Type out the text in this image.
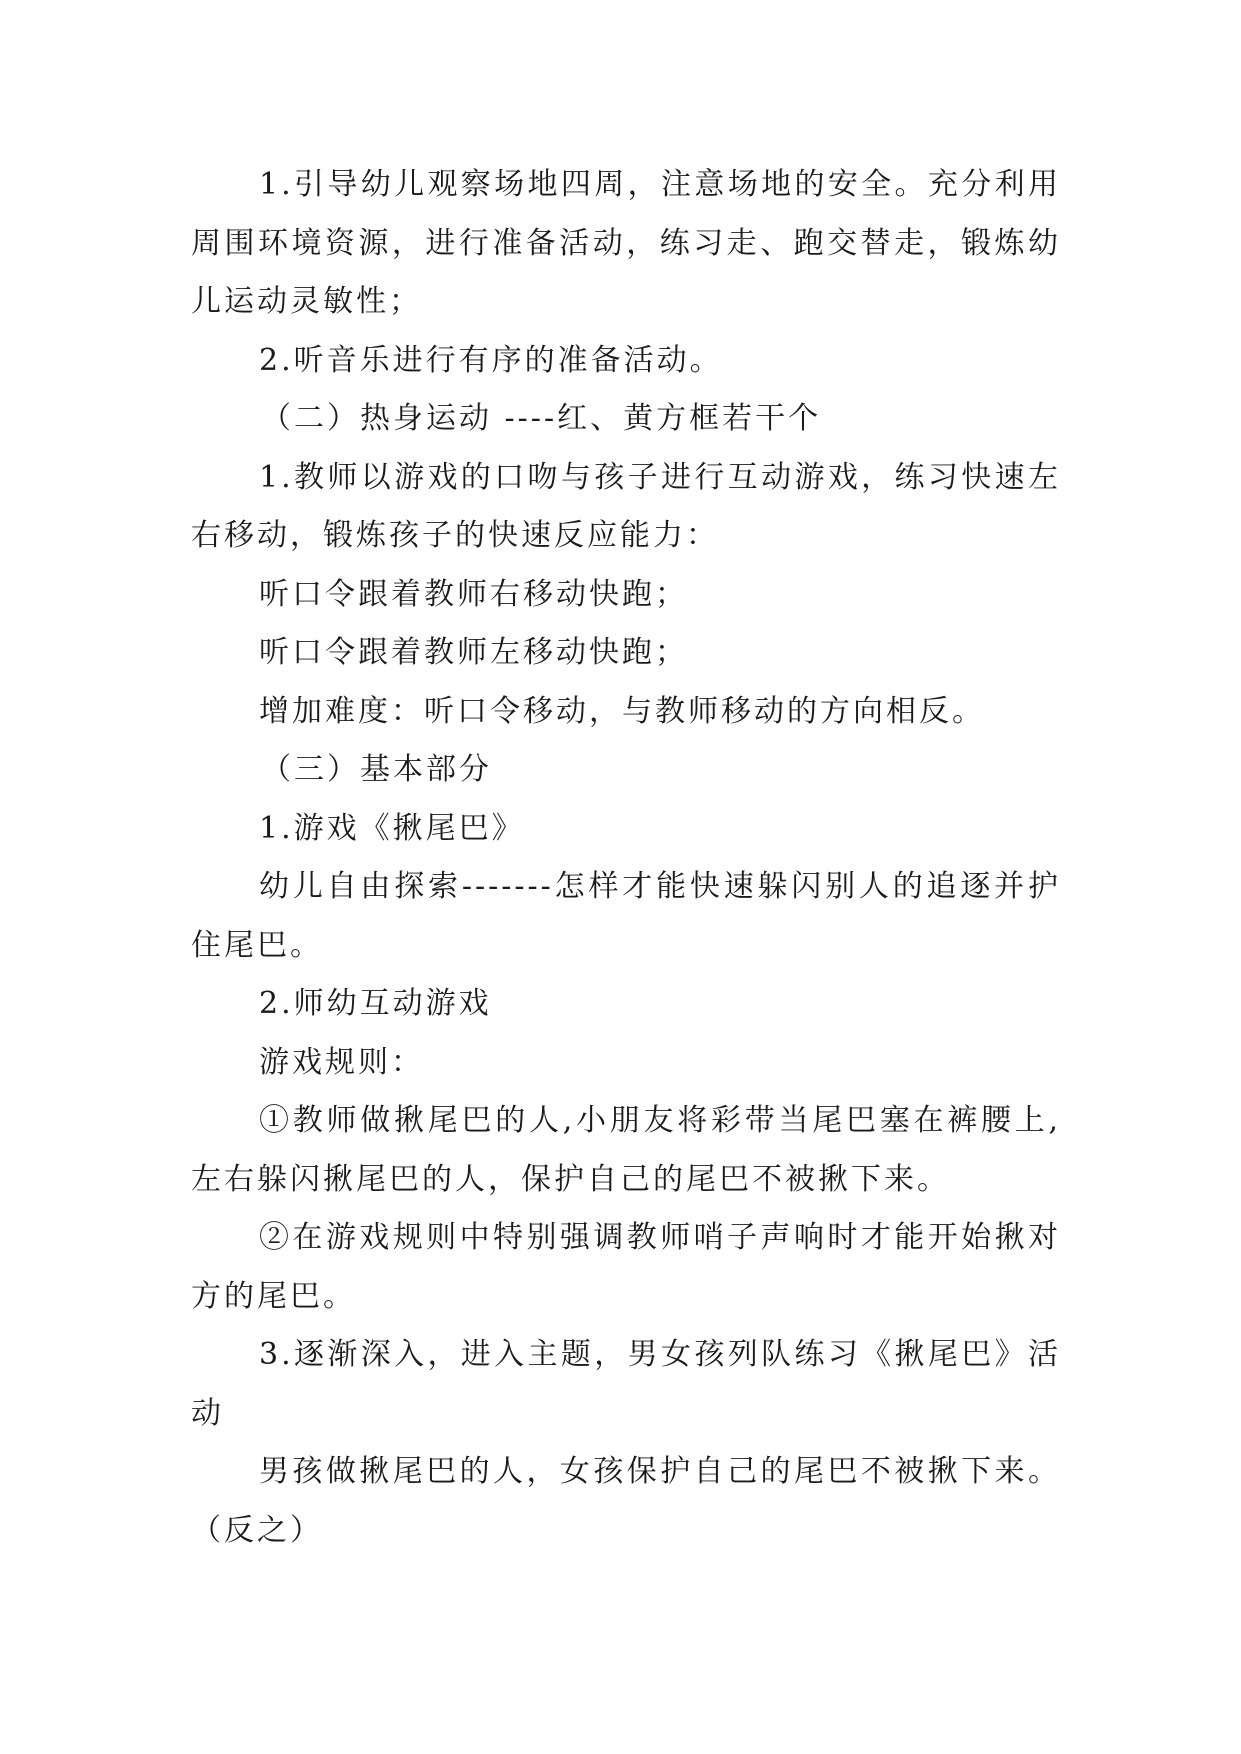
1.引导幼儿观察场地四周，注意场地的安全。充分利用周围环境资源，进行准备活动，练习走、跑交替走，锻炼幼儿运动灵敏性；

2.听音乐进行有序的准备活动。

（二）热身运动 ----红、黄方框若干个

1.教师以游戏的口吻与孩子进行互动游戏，练习快速左右移动，锻炼孩子的快速反应能力：

听口令跟着教师右移动快跑；

听口令跟着教师左移动快跑；

增加难度：听口令移动，与教师移动的方向相反。

（三）基本部分

1.游戏《揪尾巴》

幼儿自由探索-------怎样才能快速躲闪别人的追逐并护住尾巴。

2.师幼互动游戏

游戏规则：

①教师做揪尾巴的人,小朋友将彩带当尾巴塞在裤腰上,左右躲闪揪尾巴的人，保护自己的尾巴不被揪下来。

②在游戏规则中特别强调教师哨子声响时才能开始揪对方的尾巴。

3.逐渐深入，进入主题，男女孩列队练习《揪尾巴》活动

男孩做揪尾巴的人，女孩保护自己的尾巴不被揪下来。（反之）
